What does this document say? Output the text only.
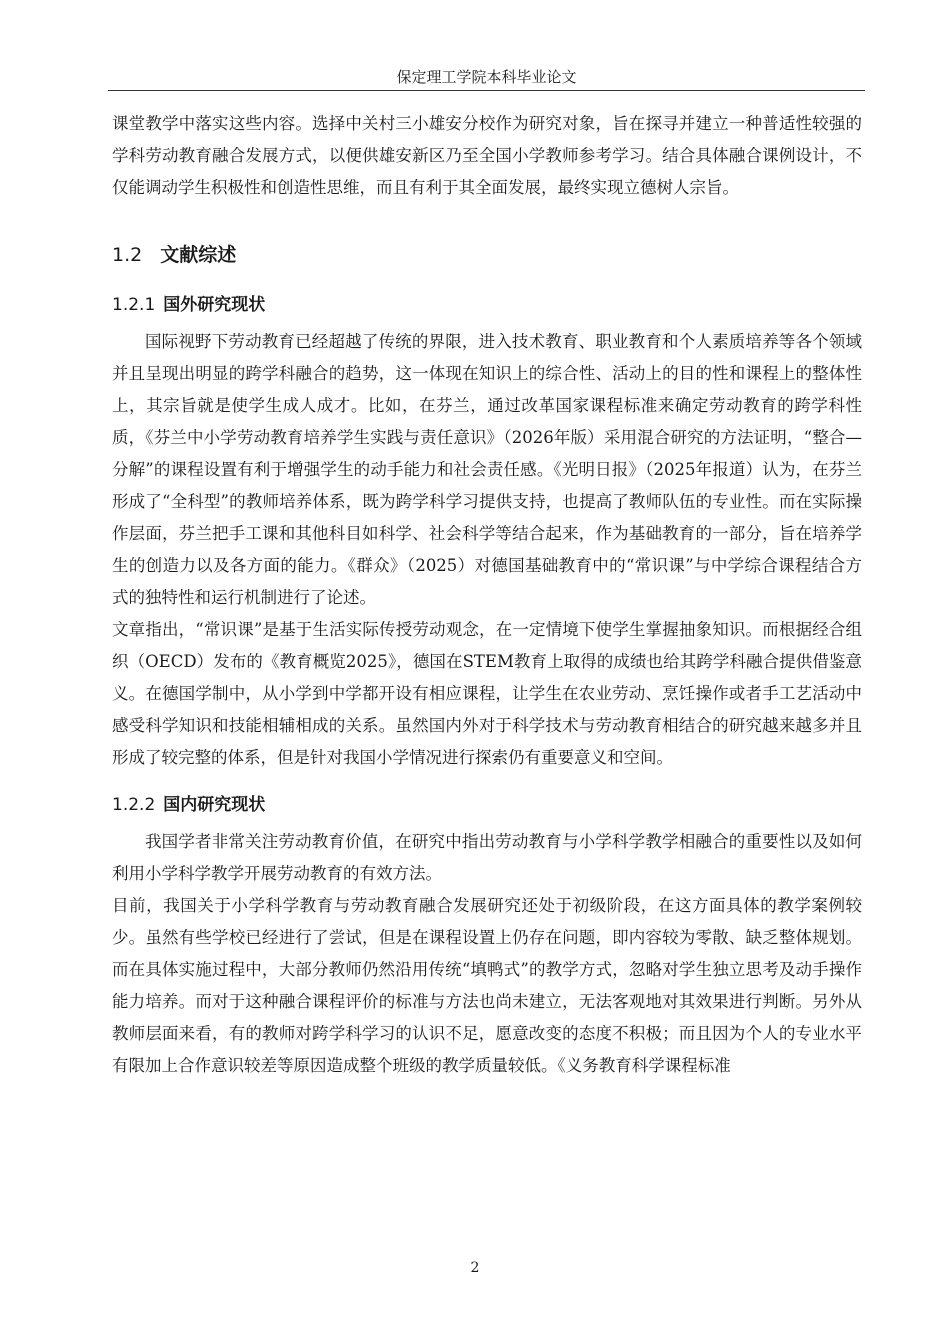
保定理工学院本科毕业论文

课堂教学中落实这些内容。选择中关村三小雄安分校作为研究对象，旨在探寻并建立一种普适性较强的学科劳动教育融合发展方式，以便供雄安新区乃至全国小学教师参考学习。结合具体融合课例设计，不仅能调动学生积极性和创造性思维，而且有利于其全面发展，最终实现立德树人宗旨。

1.2 文献综述
1.2.1 国外研究现状

国际视野下劳动教育已经超越了传统的界限，进入技术教育、职业教育和个人素质培养等各个领域并且呈现出明显的跨学科融合的趋势，这一体现在知识上的综合性、活动上的目的性和课程上的整体性上，其宗旨就是使学生成人成才。比如，在芬兰，通过改革国家课程标准来确定劳动教育的跨学科性质，《芬兰中小学劳动教育培养学生实践与责任意识》（2026年版）采用混合研究的方法证明，“整合—分解”的课程设置有利于增强学生的动手能力和社会责任感。《光明日报》（2025年报道）认为，在芬兰形成了“全科型”的教师培养体系，既为跨学科学习提供支持，也提高了教师队伍的专业性。而在实际操作层面，芬兰把手工课和其他科目如科学、社会科学等结合起来，作为基础教育的一部分，旨在培养学生的创造力以及各方面的能力。《群众》（2025）对德国基础教育中的“常识课”与中学综合课程结合方式的独特性和运行机制进行了论述。

文章指出，“常识课”是基于生活实际传授劳动观念，在一定情境下使学生掌握抽象知识。而根据经合组织（OECD）发布的《教育概览2025》，德国在STEM教育上取得的成绩也给其跨学科融合提供借鉴意义。在德国学制中，从小学到中学都开设有相应课程，让学生在农业劳动、烹饪操作或者手工艺活动中感受科学知识和技能相辅相成的关系。虽然国内外对于科学技术与劳动教育相结合的研究越来越多并且形成了较完整的体系，但是针对我国小学情况进行探索仍有重要意义和空间。

1.2.2 国内研究现状

我国学者非常关注劳动教育价值，在研究中指出劳动教育与小学科学教学相融合的重要性以及如何利用小学科学教学开展劳动教育的有效方法。

目前，我国关于小学科学教育与劳动教育融合发展研究还处于初级阶段，在这方面具体的教学案例较少。虽然有些学校已经进行了尝试，但是在课程设置上仍存在问题，即内容较为零散、缺乏整体规划。而在具体实施过程中，大部分教师仍然沿用传统“填鸭式”的教学方式，忽略对学生独立思考及动手操作能力培养。而对于这种融合课程评价的标准与方法也尚未建立，无法客观地对其效果进行判断。另外从教师层面来看，有的教师对跨学科学习的认识不足，愿意改变的态度不积极；而且因为个人的专业水平有限加上合作意识较差等原因造成整个班级的教学质量较低。《义务教育科学课程标准

2
